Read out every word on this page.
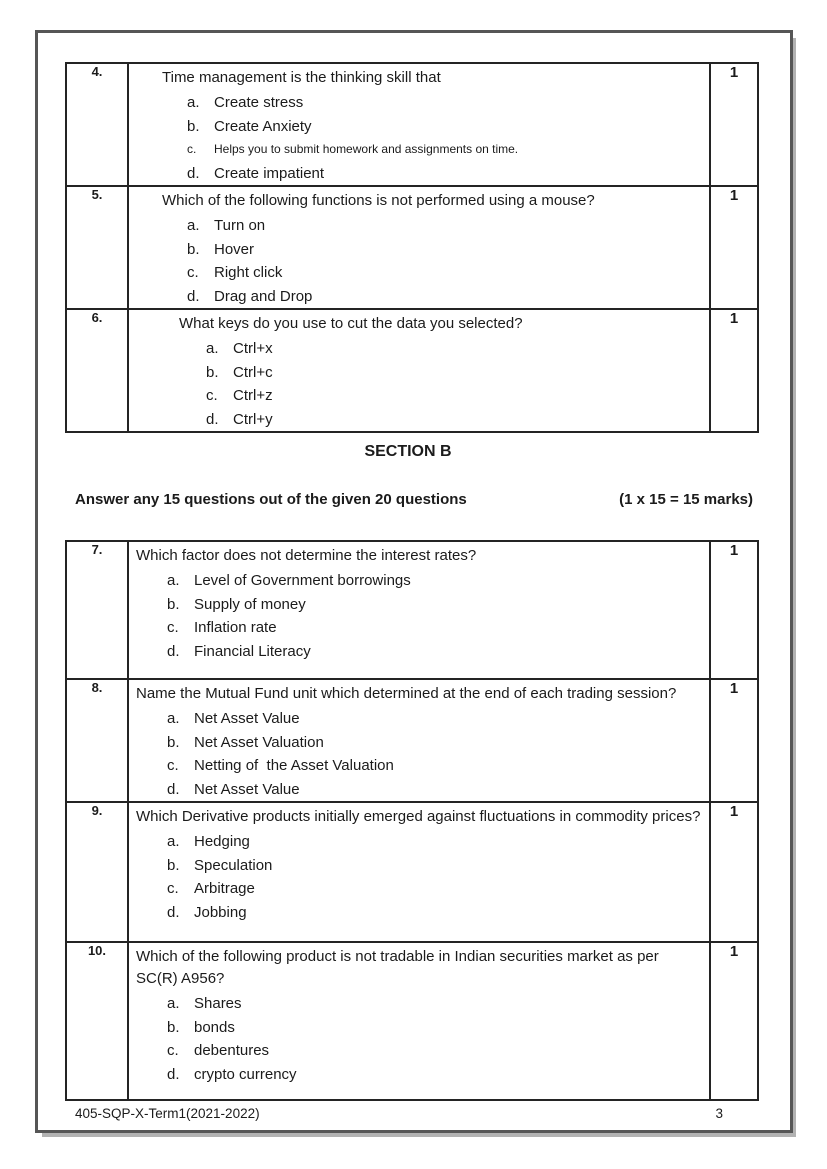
4.	Time management is the thinking skill that
a. Create stress
b. Create Anxiety
c. Helps you to submit homework and assignments on time.
d. Create impatient	1
5.	Which of the following functions is not performed using a mouse?
a. Turn on
b. Hover
c. Right click
d. Drag and Drop	1
6.	What keys do you use to cut the data you selected?
a. Ctrl+x
b. Ctrl+c
c. Ctrl+z
d. Ctrl+y	1
SECTION B
Answer any 15 questions out of the given 20 questions	(1 x 15 = 15 marks)
7.	Which factor does not determine the interest rates?
a. Level of Government borrowings
b. Supply of money
c. Inflation rate
d. Financial Literacy	1
8.	Name the Mutual Fund unit which determined at the end of each trading session?
a. Net Asset Value
b. Net Asset Valuation
c. Netting of  the Asset Valuation
d. Net Asset Value	1
9.	Which Derivative products initially emerged against fluctuations in commodity prices?
a. Hedging
b. Speculation
c. Arbitrage
d. Jobbing	1
10.	Which of the following product is not tradable in Indian securities market as per SC(R) A956?
a. Shares
b. bonds
c. debentures
d. crypto currency	1
405-SQP-X-Term1(2021-2022)	3
